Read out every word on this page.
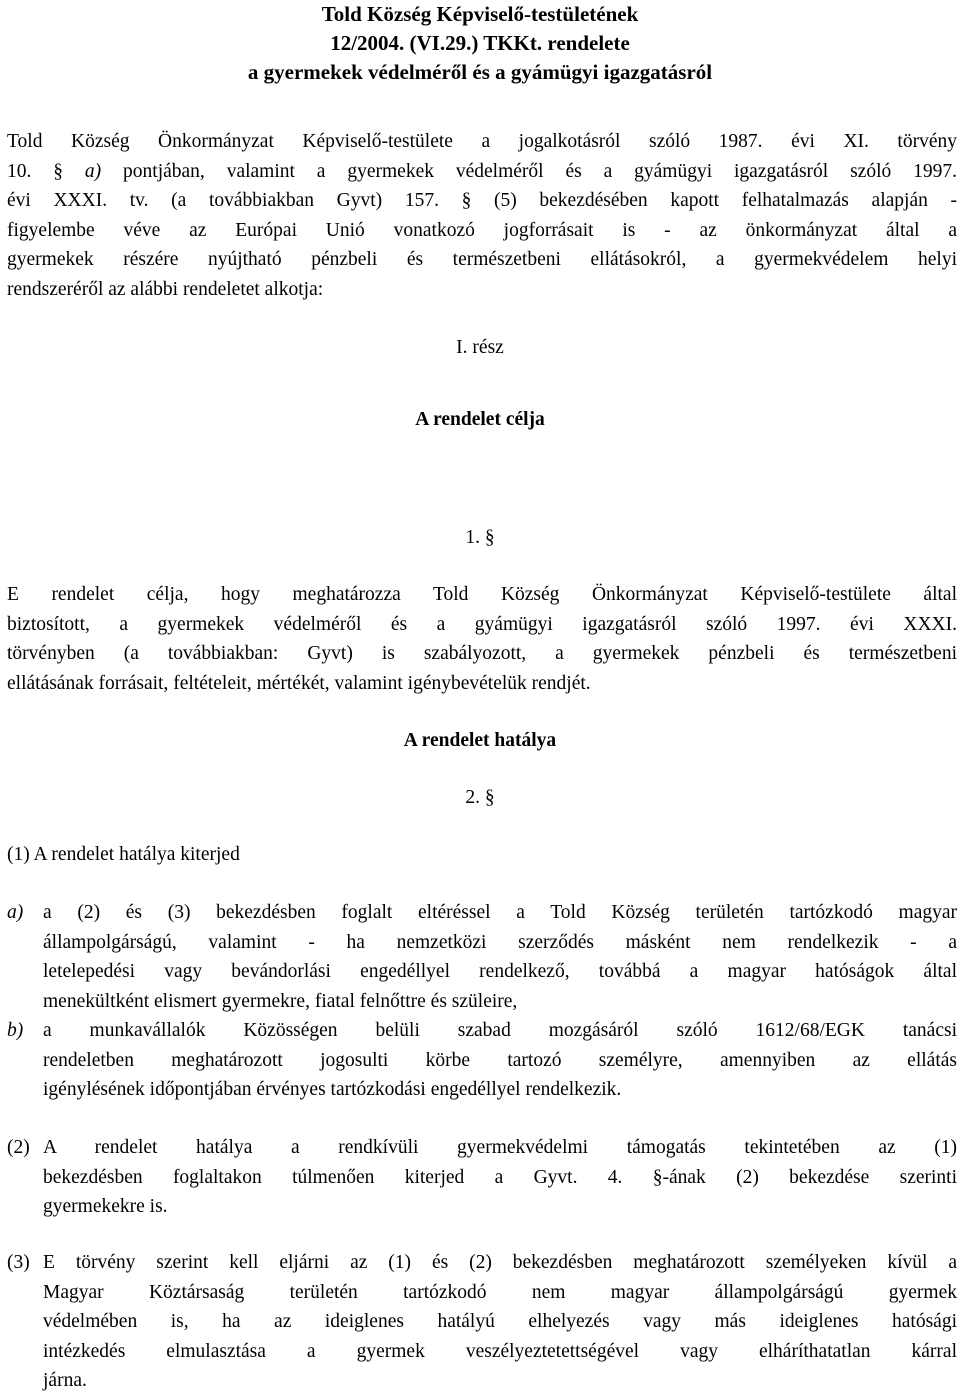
Told Község Képviselő-testületének
12/2004. (VI.29.) TKKt. rendelete
a gyermekek védelméről és a gyámügyi igazgatásról
Told Község Önkormányzat Képviselő-testülete a jogalkotásról szóló 1987. évi XI. törvény
10. § a) pontjában, valamint a gyermekek védelméről és a gyámügyi igazgatásról szóló 1997.
évi XXXI. tv. (a továbbiakban Gyvt) 157. § (5) bekezdésében kapott felhatalmazás alapján -
figyelembe véve az Európai Unió vonatkozó jogforrásait is - az önkormányzat által a
gyermekek részére nyújtható pénzbeli és természetbeni ellátásokról, a gyermekvédelem helyi
rendszeréről az alábbi rendeletet alkotja:
I. rész
A rendelet célja
1. §
E rendelet célja, hogy meghatározza Told Község Önkormányzat Képviselő-testülete által
biztosított, a gyermekek védelméről és a gyámügyi igazgatásról szóló 1997. évi XXXI.
törvényben (a továbbiakban: Gyvt) is szabályozott, a gyermekek pénzbeli és természetbeni
ellátásának forrásait, feltételeit, mértékét, valamint igénybevételük rendjét.
A rendelet hatálya
2. §
(1) A rendelet hatálya kiterjed
a) a (2) és (3) bekezdésben foglalt eltéréssel a Told Község területén tartózkodó magyar
állampolgárságú, valamint - ha nemzetközi szerződés másként nem rendelkezik - a
letelepedési vagy bevándorlási engedéllyel rendelkező, továbbá a magyar hatóságok által
menekültként elismert gyermekre, fiatal felnőttre és szüleire,
b) a munkavállalók Közösségen belüli szabad mozgásáról szóló 1612/68/EGK tanácsi
rendeletben meghatározott jogosulti körbe tartozó személyre, amennyiben az ellátás
igénylésének időpontjában érvényes tartózkodási engedéllyel rendelkezik.
(2) A rendelet hatálya a rendkívüli gyermekvédelmi támogatás tekintetében az (1)
bekezdésben foglaltakon túlmenően kiterjed a Gyvt. 4. §-ának (2) bekezdése szerinti
gyermekekre is.
(3) E törvény szerint kell eljárni az (1) és (2) bekezdésben meghatározott személyeken kívül a
Magyar Köztársaság területén tartózkodó nem magyar állampolgárságú gyermek
védelmében is, ha az ideiglenes hatályú elhelyezés vagy más ideiglenes hatósági
intézkedés elmulasztása a gyermek veszélyeztetettségével vagy elháríthatatlan kárral
járna.
